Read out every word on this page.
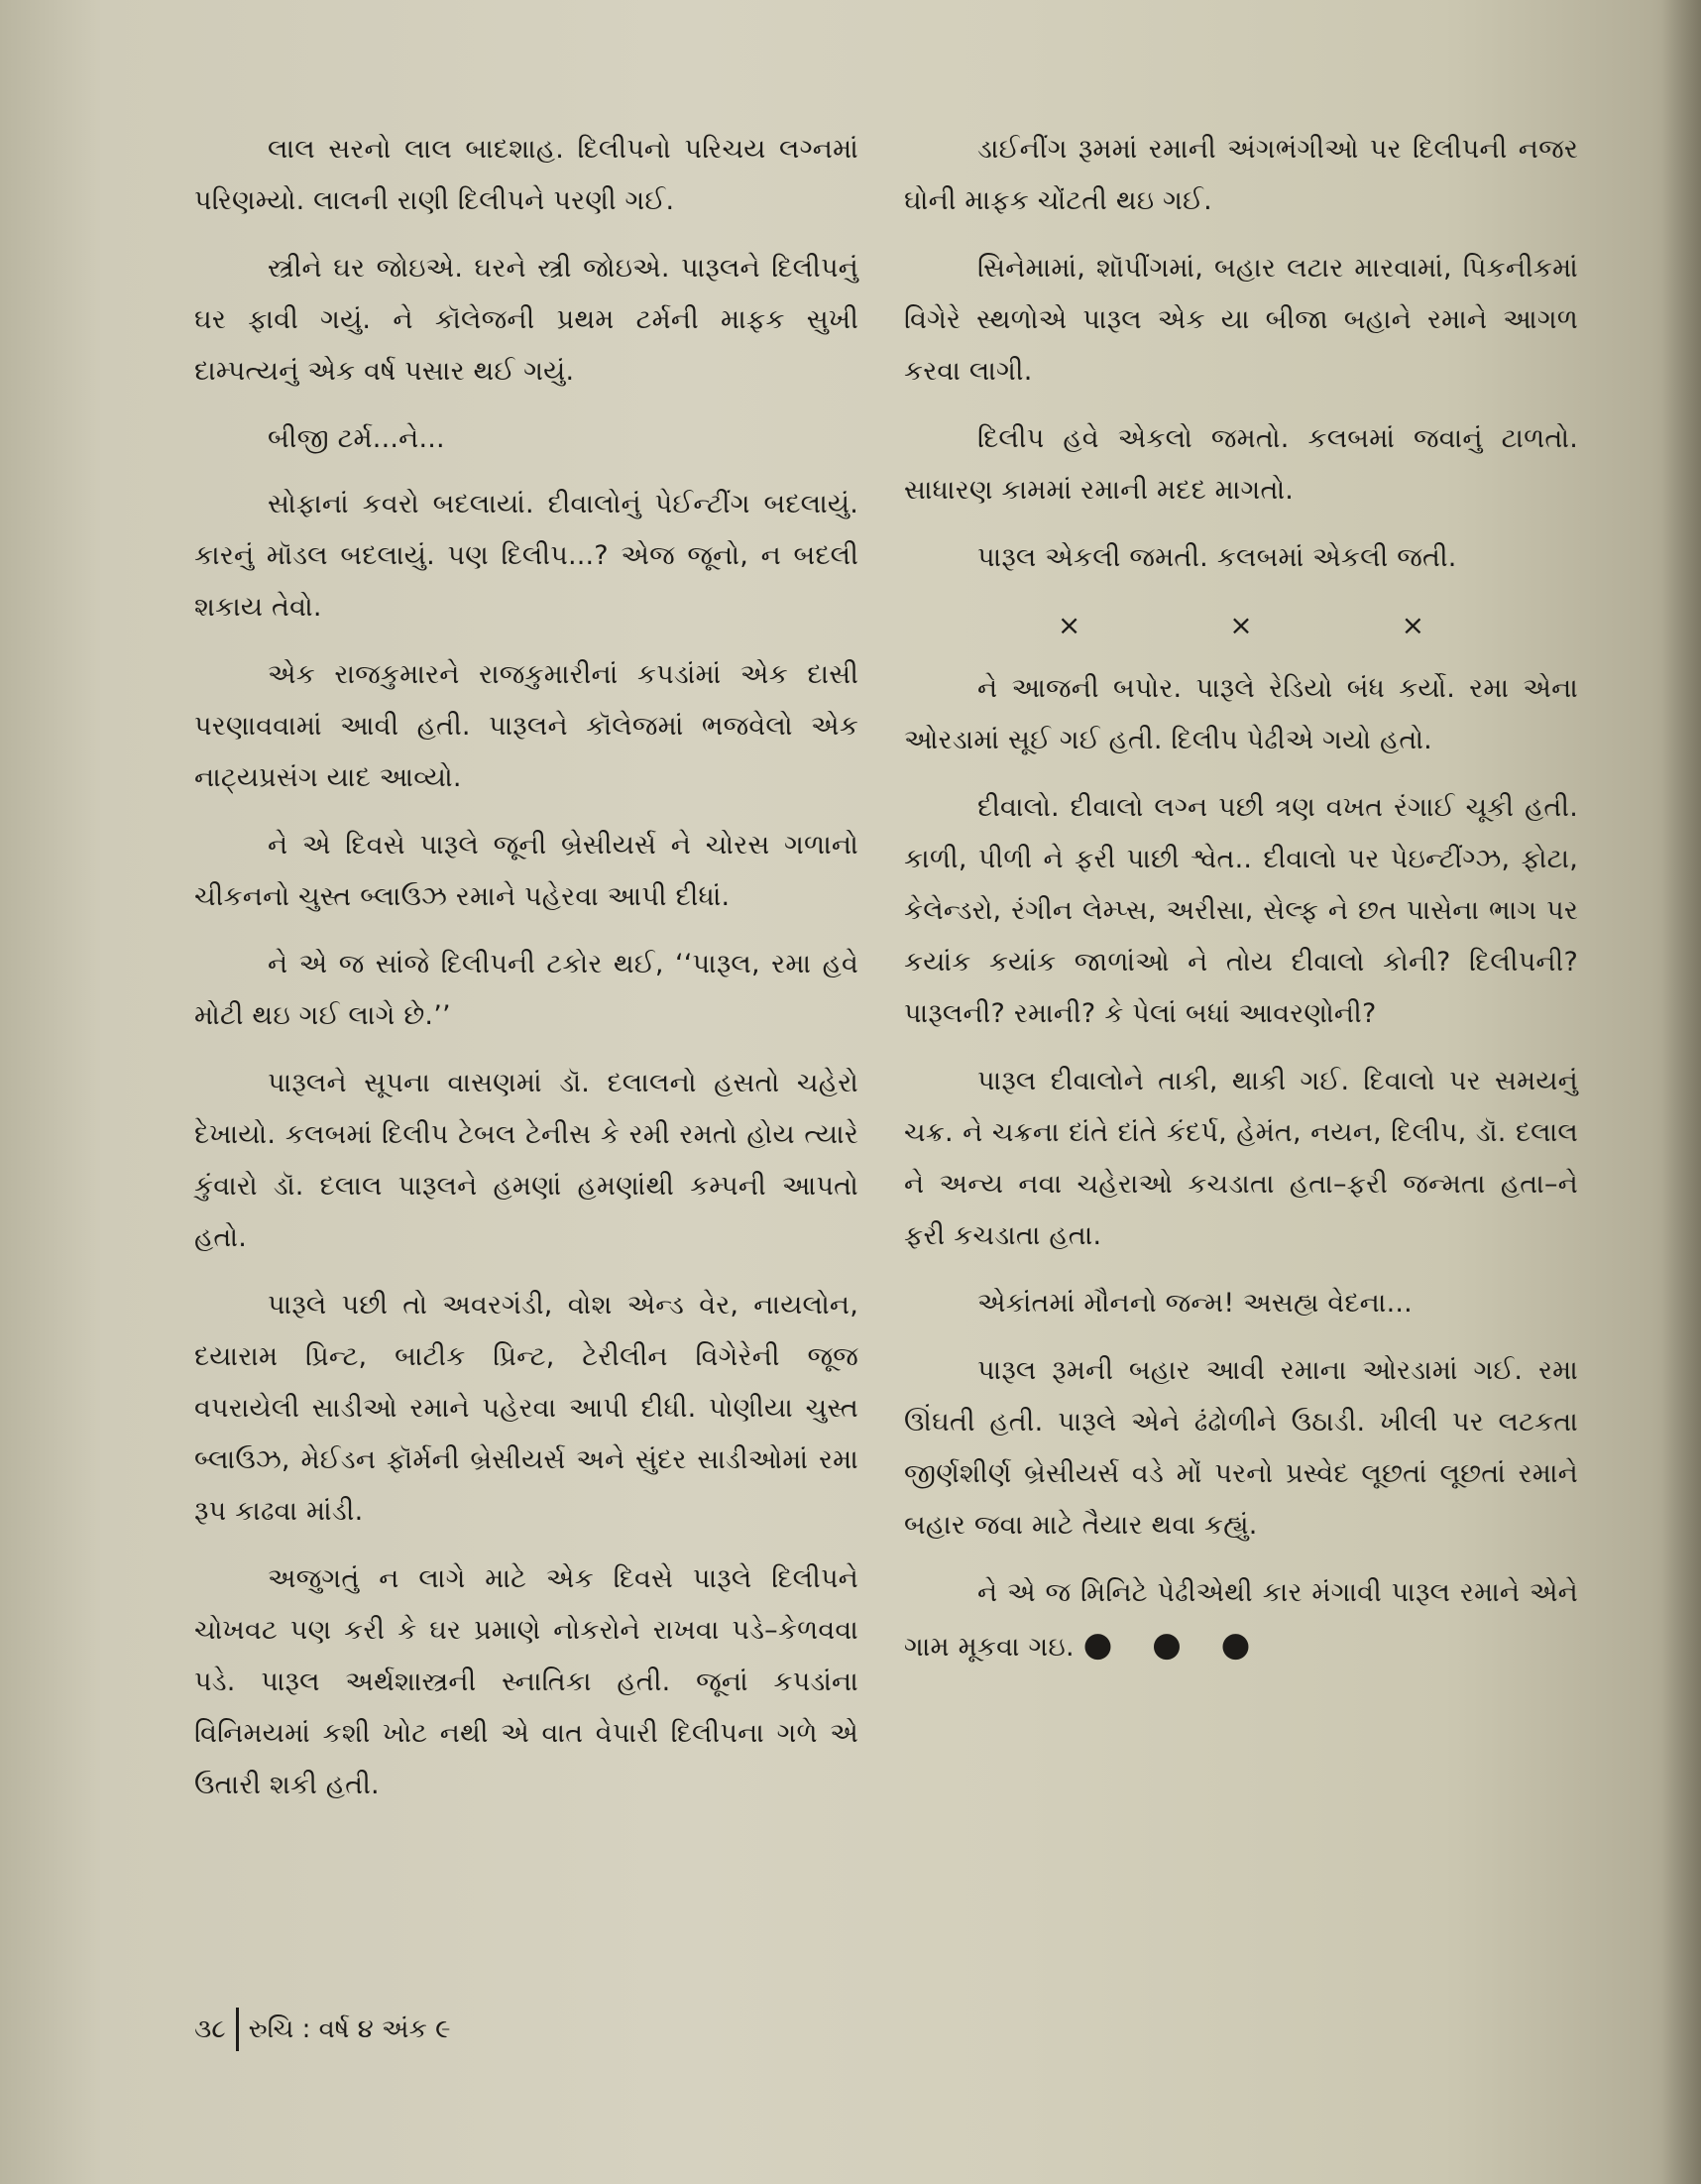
લાલ સરનો લાલ બાદશાહ. દિલીપનો પરિચય લગ્નમાં પરિણમ્યો. લાલની રાણી દિલીપને પરણી ગઈ.

સ્ત્રીને ઘર જોઇએ. ઘરને સ્ત્રી જોઇએ. પારૂલને દિલીપનું ઘર ફાવી ગયું. ને કૉલેજની પ્રથમ ટર્મની માફક સુખી દામ્પત્યનું એક વર્ષ પસાર થઈ ગયું.

બીજી ટર્મ...ને...

સોફાનાં કવરો બદલાયાં. દીવાલોનું પેઈન્ટીંગ બદલાયું. કારનું મૉડલ બદલાયું. પણ દિલીપ...? એજ જૂનો, ન બદલી શકાય તેવો.

એક રાજકુમારને રાજકુમારીનાં કપડાંમાં એક દાસી પરણાવવામાં આવી હતી. પારૂલને કૉલેજમાં ભજવેલો એક નાટ્યપ્રસંગ યાદ આવ્યો.

ને એ દિવસે પારૂલે જૂની બ્રેસીયર્સ ને ચોરસ ગળાનો ચીકનનો ચુસ્ત બ્લાઉઝ રમાને પહેરવા આપી દીધાં.

ને એ જ સાંજે દિલીપની ટકોર થઈ, ‘‘પારૂલ, રમા હવે મોટી થઇ ગઈ લાગે છે.’’

પારૂલને સૂપના વાસણમાં ડૉ. દલાલનો હસતો ચહેરો દેખાયો. કલબમાં દિલીપ ટેબલ ટેનીસ કે રમી રમતો હોય ત્યારે કુંવારો ડૉ. દલાલ પારૂલને હમણાં હમણાંથી કમ્પની આપતો હતો.

પારૂલે પછી તો અવરગંડી, વોશ એન્ડ વેર, નાયલોન, દયારામ પ્રિન્ટ, બાટીક પ્રિન્ટ, ટેરીલીન વિગેરેની જૂજ વપરાયેલી સાડીઓ રમાને પહેરવા આપી દીધી. પોણીયા ચુસ્ત બ્લાઉઝ, મેઈડન ફૉર્મની બ્રેસીયર્સ અને સુંદર સાડીઓમાં રમા રૂપ કાઢવા માંડી.

અજુગતું ન લાગે માટે એક દિવસે પારૂલે દિલીપને ચોખવટ પણ કરી કે ઘર પ્રમાણે નોકરોને રાખવા પડે–કેળવવા પડે. પારૂલ અર્થશાસ્ત્રની સ્નાતિકા હતી. જૂનાં કપડાંના વિનિમયમાં કશી ખોટ નથી એ વાત વેપારી દિલીપના ગળે એ ઉતારી શકી હતી.

ડાઈનીંગ રૂમમાં રમાની અંગભંગીઓ પર દિલીપની નજર ઘોની માફક ચોંટતી થઇ ગઈ.

સિનેમામાં, શૉપીંગમાં, બહાર લટાર મારવામાં, પિકનીકમાં વિગેરે સ્થળોએ પારૂલ એક યા બીજા બહાને રમાને આગળ કરવા લાગી.

દિલીપ હવે એકલો જમતો. કલબમાં જવાનું ટાળતો. સાધારણ કામમાં રમાની મદદ માગતો.

પારૂલ એકલી જમતી. કલબમાં એકલી જતી.

×	×	×

ને આજની બપોર. પારૂલે રેડિયો બંધ કર્યો. રમા એના ઓરડામાં સૂઈ ગઈ હતી. દિલીપ પેઢીએ ગયો હતો.

દીવાલો. દીવાલો લગ્ન પછી ત્રણ વખત રંગાઈ ચૂકી હતી. કાળી, પીળી ને ફરી પાછી શ્વેત.. દીવાલો પર પેઇન્ટીંગ્ઝ, ફોટા, કેલેન્ડરો, રંગીન લેમ્પ્સ, અરીસા, સેલ્ફ ને છત પાસેના ભાગ પર કયાંક કયાંક જાળાંઓ ને તોય દીવાલો કોની? દિલીપની? પારૂલની? રમાની? કે પેલાં બધાં આવરણોની?

પારૂલ દીવાલોને તાકી, થાકી ગઈ. દિવાલો પર સમયનું ચક્ર. ને ચક્રના દાંતે દાંતે કંદર્પ, હેમંત, નયન, દિલીપ, ડૉ. દલાલ ને અન્ય નવા ચહેરાઓ કચડાતા હતા–ફરી જન્મતા હતા–ને ફરી કચડાતા હતા.

એકાંતમાં મૌનનો જન્મ! અસહ્ય વેદના...

પારૂલ રૂમની બહાર આવી રમાના ઓરડામાં ગઈ. રમા ઊંઘતી હતી. પારૂલે એને ઢંઢોળીને ઉઠાડી. ખીલી પર લટકતા જીર્ણશીર્ણ બ્રેસીયર્સ વડે મોં પરનો પ્રસ્વેદ લૂછતાં લૂછતાં રમાને બહાર જવા માટે તૈયાર થવા કહ્યું.

ને એ જ મિનિટે પેઢીએથી કાર મંગાવી પારૂલ રમાને એને ગામ મૂકવા ગઇ. ● ● ●

૩૮ રુચિ : વર્ષ ૪ અંક ૯
